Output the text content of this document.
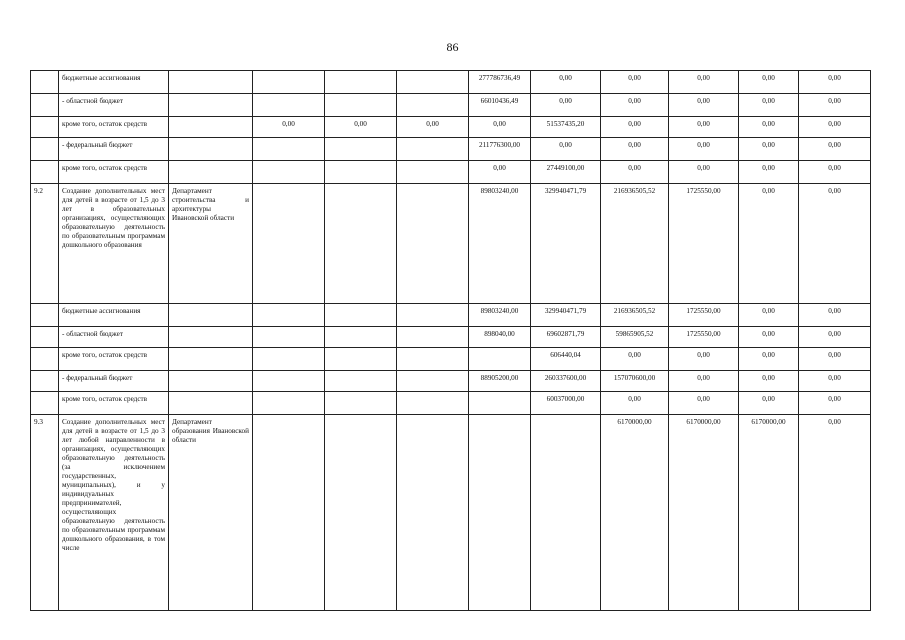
86
	бюджетные ассигнования					277786736,49	0,00	0,00	0,00	0,00	0,00
	- областной бюджет					66010436,49	0,00	0,00	0,00	0,00	0,00
	кроме того, остаток средств		0,00	0,00	0,00	0,00	51537435,20	0,00	0,00	0,00	0,00
	- федеральный бюджет					211776300,00	0,00	0,00	0,00	0,00	0,00
	кроме того, остаток средств					0,00	27449100,00	0,00	0,00	0,00	0,00
9.2	Создание дополнительных мест для детей в возрасте от 1,5 до 3 лет в образовательных организациях, осуществляющих образовательную деятельность по образовательным программам дошкольного образования	Департамент строительства и архитектуры Ивановской области				89803240,00	329940471,79	216936505,52	1725550,00	0,00	0,00
	бюджетные ассигнования					89803240,00	329940471,79	216936505,52	1725550,00	0,00	0,00
	- областной бюджет					898040,00	69602871,79	59865905,52	1725550,00	0,00	0,00
	кроме того, остаток средств						606440,04	0,00	0,00	0,00	0,00
	- федеральный бюджет					88905200,00	260337600,00	157070600,00	0,00	0,00	0,00
	кроме того, остаток средств						60037000,00	0,00	0,00	0,00	0,00
9.3	Создание дополнительных мест для детей в возрасте от 1,5 до 3 лет любой направленности в организациях, осуществляющих образовательную деятельность (за исключением государственных, муниципальных), и у индивидуальных предпринимателей, осуществляющих образовательную деятельность по образовательным программам дошкольного образования, в том числе	Департамент образования Ивановской области						6170000,00	6170000,00	6170000,00	0,00
